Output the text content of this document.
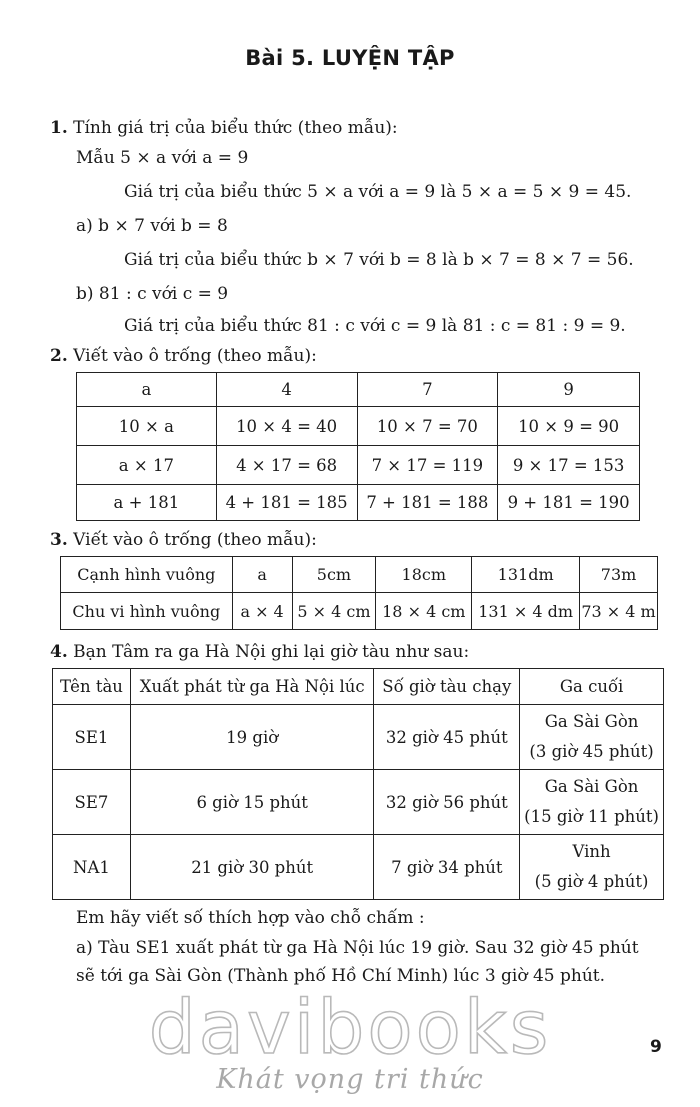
Bài 5. LUYỆN TẬP
1. Tính giá trị của biểu thức (theo mẫu):
Mẫu 5 × a với a = 9
Giá trị của biểu thức 5 × a với a = 9 là 5 × a = 5 × 9 = 45.
a) b × 7 với b = 8
Giá trị của biểu thức b × 7 với b = 8 là b × 7 = 8 × 7 = 56.
b) 81 : c với c = 9
Giá trị của biểu thức 81 : c với c = 9 là 81 : c = 81 : 9 = 9.
2. Viết vào ô trống (theo mẫu):
a	4	7	9
10 × a	10 × 4 = 40	10 × 7 = 70	10 × 9 = 90
a × 17	4 × 17 = 68	7 × 17 = 119	9 × 17 = 153
a + 181	4 + 181 = 185	7 + 181 = 188	9 + 181 = 190
3. Viết vào ô trống (theo mẫu):
Cạnh hình vuông	a	5cm	18cm	131dm	73m
Chu vi hình vuông	a × 4	5 × 4 cm	18 × 4 cm	131 × 4 dm	73 × 4 m
4. Bạn Tâm ra ga Hà Nội ghi lại giờ tàu như sau:
Tên tàu	Xuất phát từ ga Hà Nội lúc	Số giờ tàu chạy	Ga cuối
SE1	19 giờ	32 giờ 45 phút	Ga Sài Gòn
(3 giờ 45 phút)

SE7	6 giờ 15 phút	32 giờ 56 phút	Ga Sài Gòn
(15 giờ 11 phút)

NA1	21 giờ 30 phút	7 giờ 34 phút	Vinh
(5 giờ 4 phút)
Em hãy viết số thích hợp vào chỗ chấm :
a) Tàu SE1 xuất phát từ ga Hà Nội lúc 19 giờ. Sau 32 giờ 45 phút
sẽ tới ga Sài Gòn (Thành phố Hồ Chí Minh) lúc 3 giờ 45 phút.
davibooks
Khát vọng tri thức
9
